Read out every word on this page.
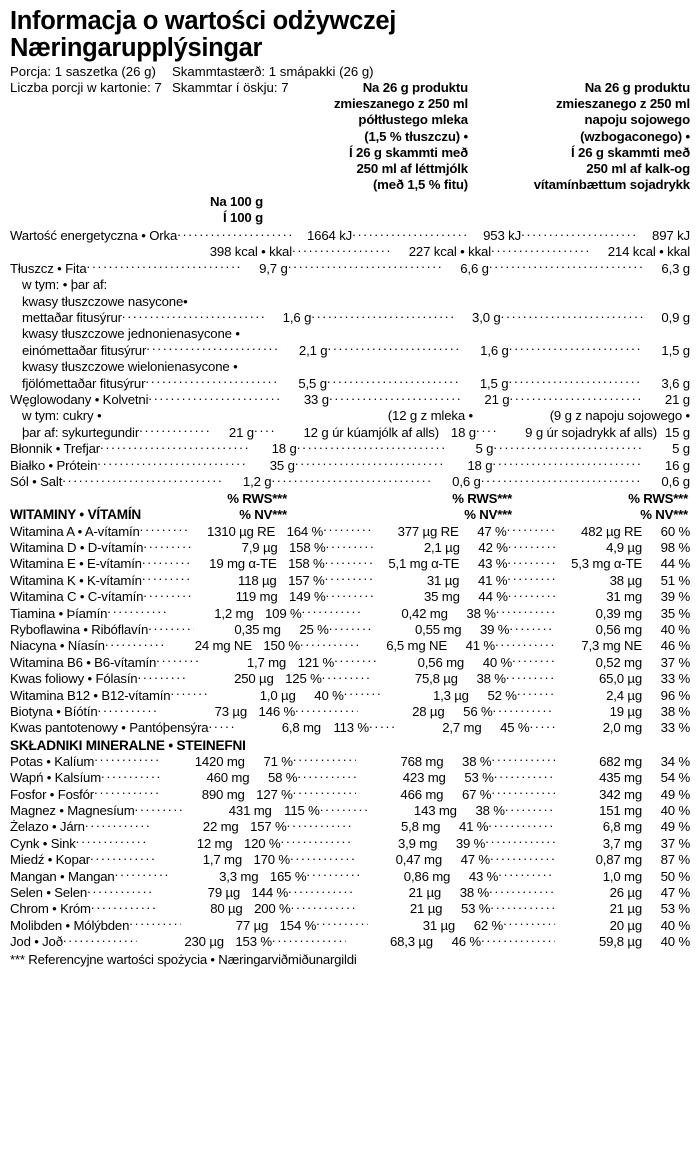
Informacja o wartości odżywczej
Næringarupplýsingar
Porcja: 1 saszetka (26 g)	Skammtastærð: 1 smápakki (26 g)
Liczba porcji w kartonie: 7 Skammtar í öskju: 7	Na 26 g produktu
zmieszanego z 250 ml
półtłustego mleka
(1,5 % tłuszczu) •
Í 26 g skammti með
250 ml af léttmjólk
(með 1,5 % fitu)
Na 26 g produktu
zmieszanego z 250 ml
napoju sojowego
(wzbogaconego) •
Í 26 g skammti með
250 ml af kalk-og
vítamínbættum sojadrykk
Na 100 g
Í 100 g
Wartość energetyczna • Orka .....	1664 kJ .....	953 kJ .....	897 kJ
398 kcal • kkal .....	227 kcal • kkal .....	214 kcal • kkal
Tłuszcz • Fita .....	9,7 g .....	6,6 g .....	6,3 g
w tym: • þar af:
kwasy tłuszczowe nasycone•
mettaðar fitusýrur .....	1,6 g .....	3,0 g .....	0,9 g
kwasy tłuszczowe jednonienasycone •
einómettaðar fitusýrur .....	2,1 g .....	1,6 g .....	1,5 g
kwasy tłuszczowe wielonienasycone •
fjölómettaðar fitusýrur .....	5,5 g .....	1,5 g .....	3,6 g
Węglowodany • Kolvetni .....	33 g .....	21 g .....	21 g
w tym: cukry •	(12 g z mleka •	(9 g z napoju sojowego •
þar af: sykurtegundir .....	21 g .....	12 g úr kúamjólk af alls) 18 g .....	9 g úr sojadrykk af alls) 15 g
Błonnik • Trefjar .....	18 g .....	5 g .....	5 g
Białko • Prótein .....	35 g .....	18 g .....	16 g
Sól • Salt .....	1,2 g .....	0,6 g .....	0,6 g
% RWS***
% NV***
% RWS***
% NV***
% RWS***
% NV***
WITAMINY • VÍTAMÍN
Witamina A • A-vítamín .....	1310 µg RE 164 % .....	377 µg RE	47 % .....	482 µg RE	60 %
Witamina D • D-vítamín .....	7,9 µg 158 % .....	2,1 µg	42 % .....	4,9 µg	98 %
Witamina E • E-vítamín .....	19 mg α-TE 158 % .....	5,1 mg α-TE	43 % .....	5,3 mg α-TE	44 %
Witamina K • K-vítamín .....	118 µg 157 % .....	31 µg	41 % .....	38 µg	51 %
Witamina C • C-vítamín .....	119 mg 149 % .....	35 mg	44 % .....	31 mg	39 %
Tiamina • Þíamín .....	1,2 mg 109 % .....	0,42 mg	38 % .....	0,39 mg	35 %
Ryboflawina • Ribóflavín .....	0,35 mg	25 % .....	0,55 mg	39 % .....	0,56 mg	40 %
Niacyna • Níasín .....	24 mg NE 150 % .....	6,5 mg NE	41 % .....	7,3 mg NE	46 %
Witamina B6 • B6-vítamín .....	1,7 mg 121 % .....	0,56 mg	40 % .....	0,52 mg	37 %
Kwas foliowy • Fólasín .....	250 µg 125 % .....	75,8 µg	38 % .....	65,0 µg	33 %
Witamina B12 • B12-vítamín .....	1,0 µg	40 % .....	1,3 µg	52 % .....	2,4 µg	96 %
Biotyna • Bíótín .....	73 µg 146 % .....	28 µg	56 % .....	19 µg	38 %
Kwas pantotenowy • Pantóþensýra .....	6,8 mg 113 % .....	2,7 mg	45 % .....	2,0 mg	33 %
SKŁADNIKI MINERALNE • STEINEFNI
Potas • Kalíum .....	1420 mg	71 % .....	768 mg	38 % .....	682 mg	34 %
Wapń • Kalsíum .....	460 mg	58 % .....	423 mg	53 % .....	435 mg	54 %
Fosfor • Fosfór .....	890 mg 127 % .....	466 mg	67 % .....	342 mg	49 %
Magnez • Magnesíum .....	431 mg 115 % .....	143 mg	38 % .....	151 mg	40 %
Żelazo • Járn .....	22 mg 157 % .....	5,8 mg	41 % .....	6,8 mg	49 %
Cynk • Sink .....	12 mg 120 % .....	3,9 mg	39 % .....	3,7 mg	37 %
Miedź • Kopar .....	1,7 mg 170 % .....	0,47 mg	47 % .....	0,87 mg	87 %
Mangan • Mangan .....	3,3 mg 165 % .....	0,86 mg	43 % .....	1,0 mg	50 %
Selen • Selen .....	79 µg 144 % .....	21 µg	38 % .....	26 µg	47 %
Chrom • Króm .....	80 µg 200 % .....	21 µg	53 % .....	21 µg	53 %
Molibden • Mólýbden .....	77 µg 154 % .....	31 µg	62 % .....	20 µg	40 %
Jod • Joð .....	230 µg 153 % .....	68,3 µg	46 % .....	59,8 µg	40 %
*** Referencyjne wartości spożycia • Næringarviðmiðunargildi
